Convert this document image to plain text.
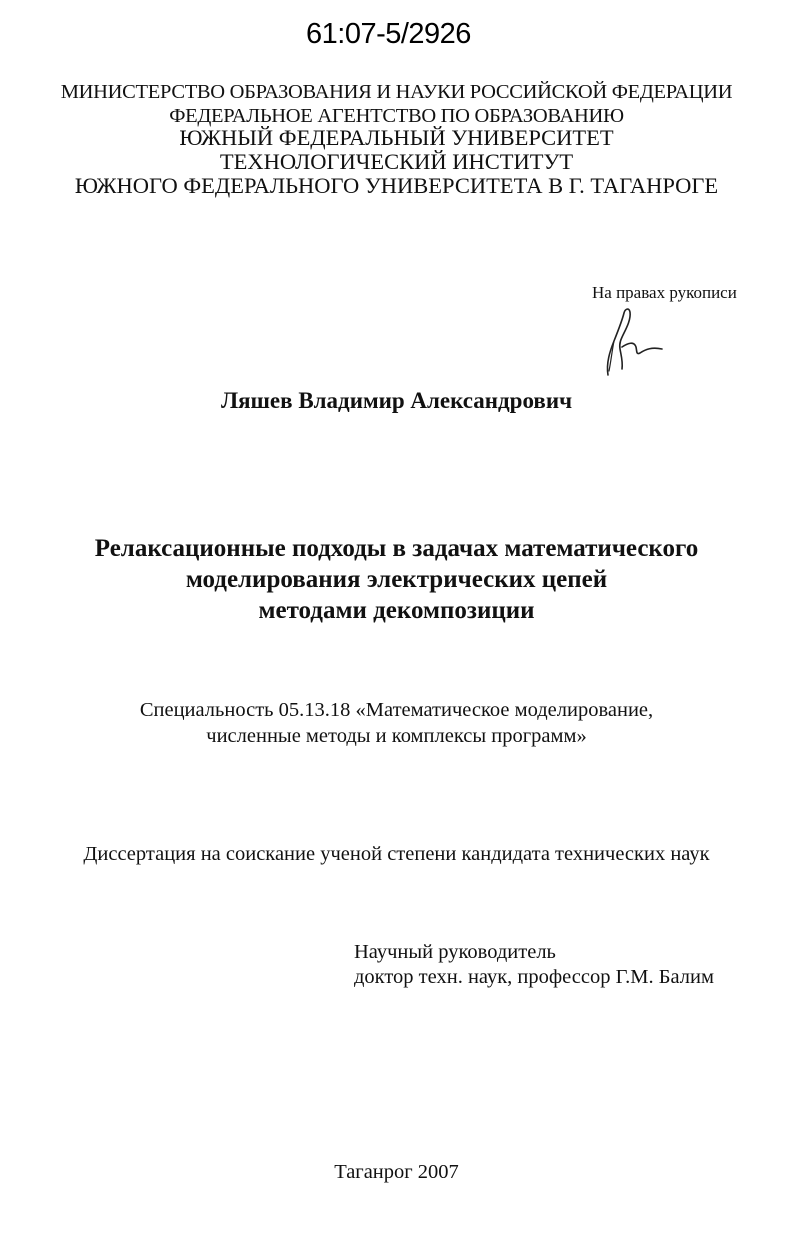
61:07-5/2926
МИНИСТЕРСТВО ОБРАЗОВАНИЯ И НАУКИ РОССИЙСКОЙ ФЕДЕРАЦИИ
ФЕДЕРАЛЬНОЕ АГЕНТСТВО ПО ОБРАЗОВАНИЮ
ЮЖНЫЙ ФЕДЕРАЛЬНЫЙ УНИВЕРСИТЕТ
ТЕХНОЛОГИЧЕСКИЙ ИНСТИТУТ
ЮЖНОГО ФЕДЕРАЛЬНОГО УНИВЕРСИТЕТА В Г. ТАГАНРОГЕ
На правах рукописи
Ляшев Владимир Александрович
Релаксационные подходы в задачах математического
моделирования электрических цепей
методами декомпозиции
Специальность 05.13.18 «Математическое моделирование,
численные методы и комплексы программ»
Диссертация на соискание ученой степени кандидата технических наук
Научный руководитель
доктор техн. наук, профессор Г.М. Балим
Таганрог 2007
